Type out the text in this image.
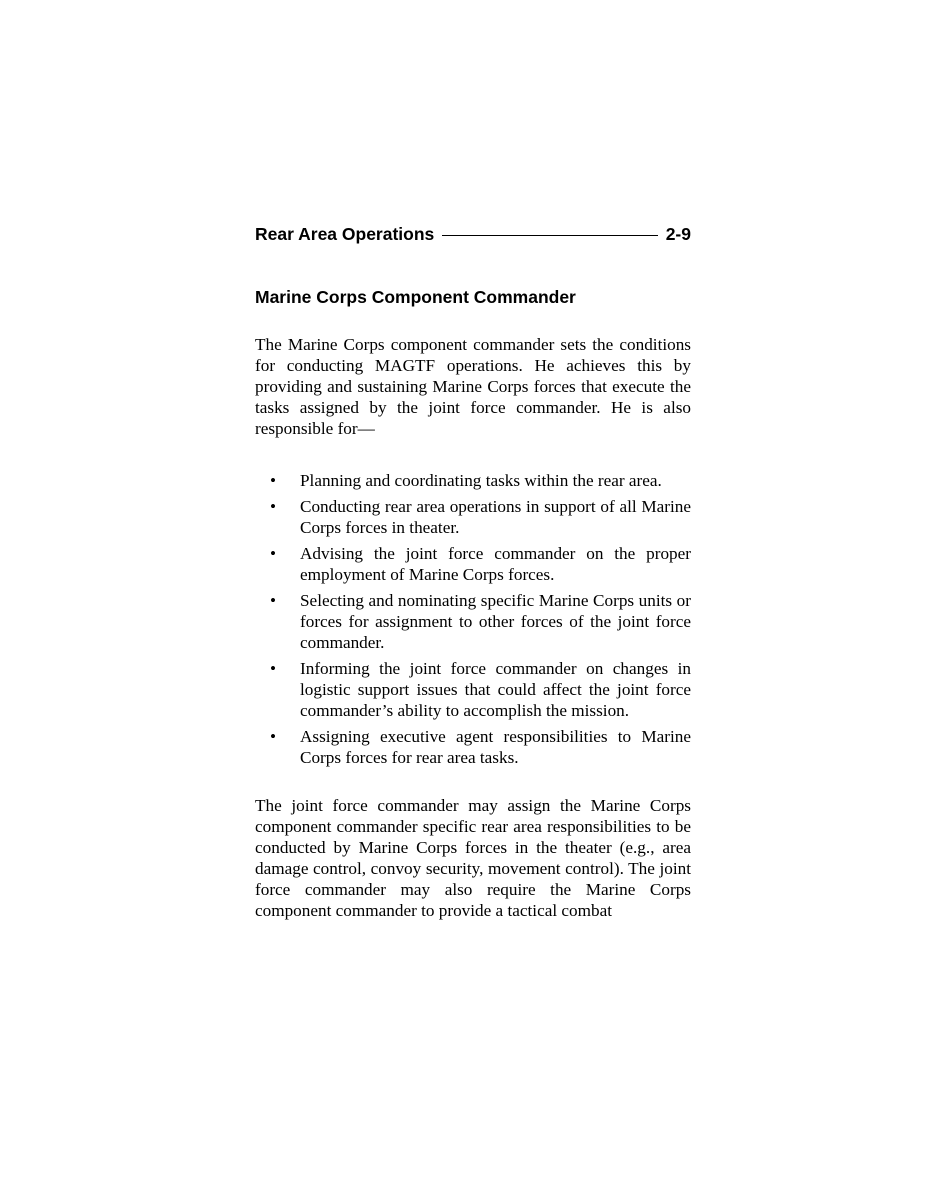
Rear Area Operations	2-9
Marine Corps Component Commander

The Marine Corps component commander sets the conditions for conducting MAGTF operations. He achieves this by providing and sustaining Marine Corps forces that execute the tasks assigned by the joint force commander. He is also responsible for—

• Planning and coordinating tasks within the rear area.
• Conducting rear area operations in support of all Marine Corps forces in theater.
• Advising the joint force commander on the proper employment of Marine Corps forces.
• Selecting and nominating specific Marine Corps units or forces for assignment to other forces of the joint force commander.
• Informing the joint force commander on changes in logistic support issues that could affect the joint force commander’s ability to accomplish the mission.
• Assigning executive agent responsibilities to Marine Corps forces for rear area tasks.

The joint force commander may assign the Marine Corps component commander specific rear area responsibilities to be conducted by Marine Corps forces in the theater (e.g., area damage control, convoy security, movement control). The joint force commander may also require the Marine Corps component commander to provide a tactical combat
